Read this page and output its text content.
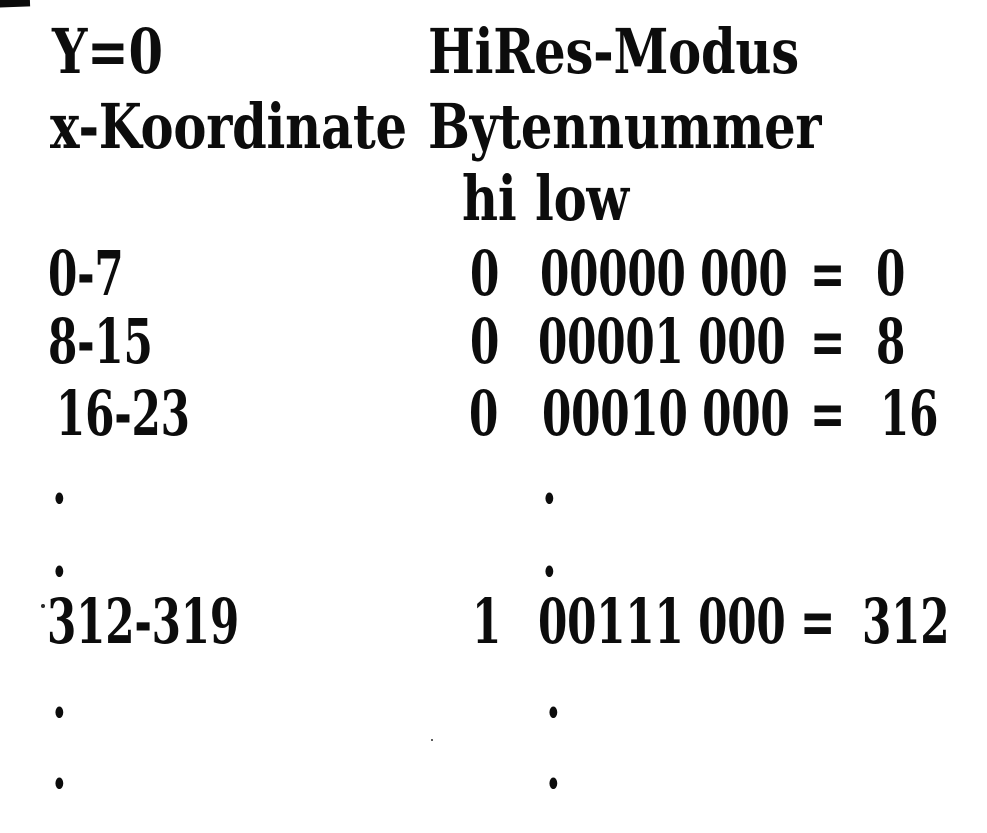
Y=0	HiRes-Modus
x-Koordinate Bytennummer
hi low
0-7	0 00000 000 = 0
8-15	0 00001 000 = 8
16-23	0 00010 000 = 16
.	.
.	.
312-319	1 00111 000 = 312
.	.
.	.
